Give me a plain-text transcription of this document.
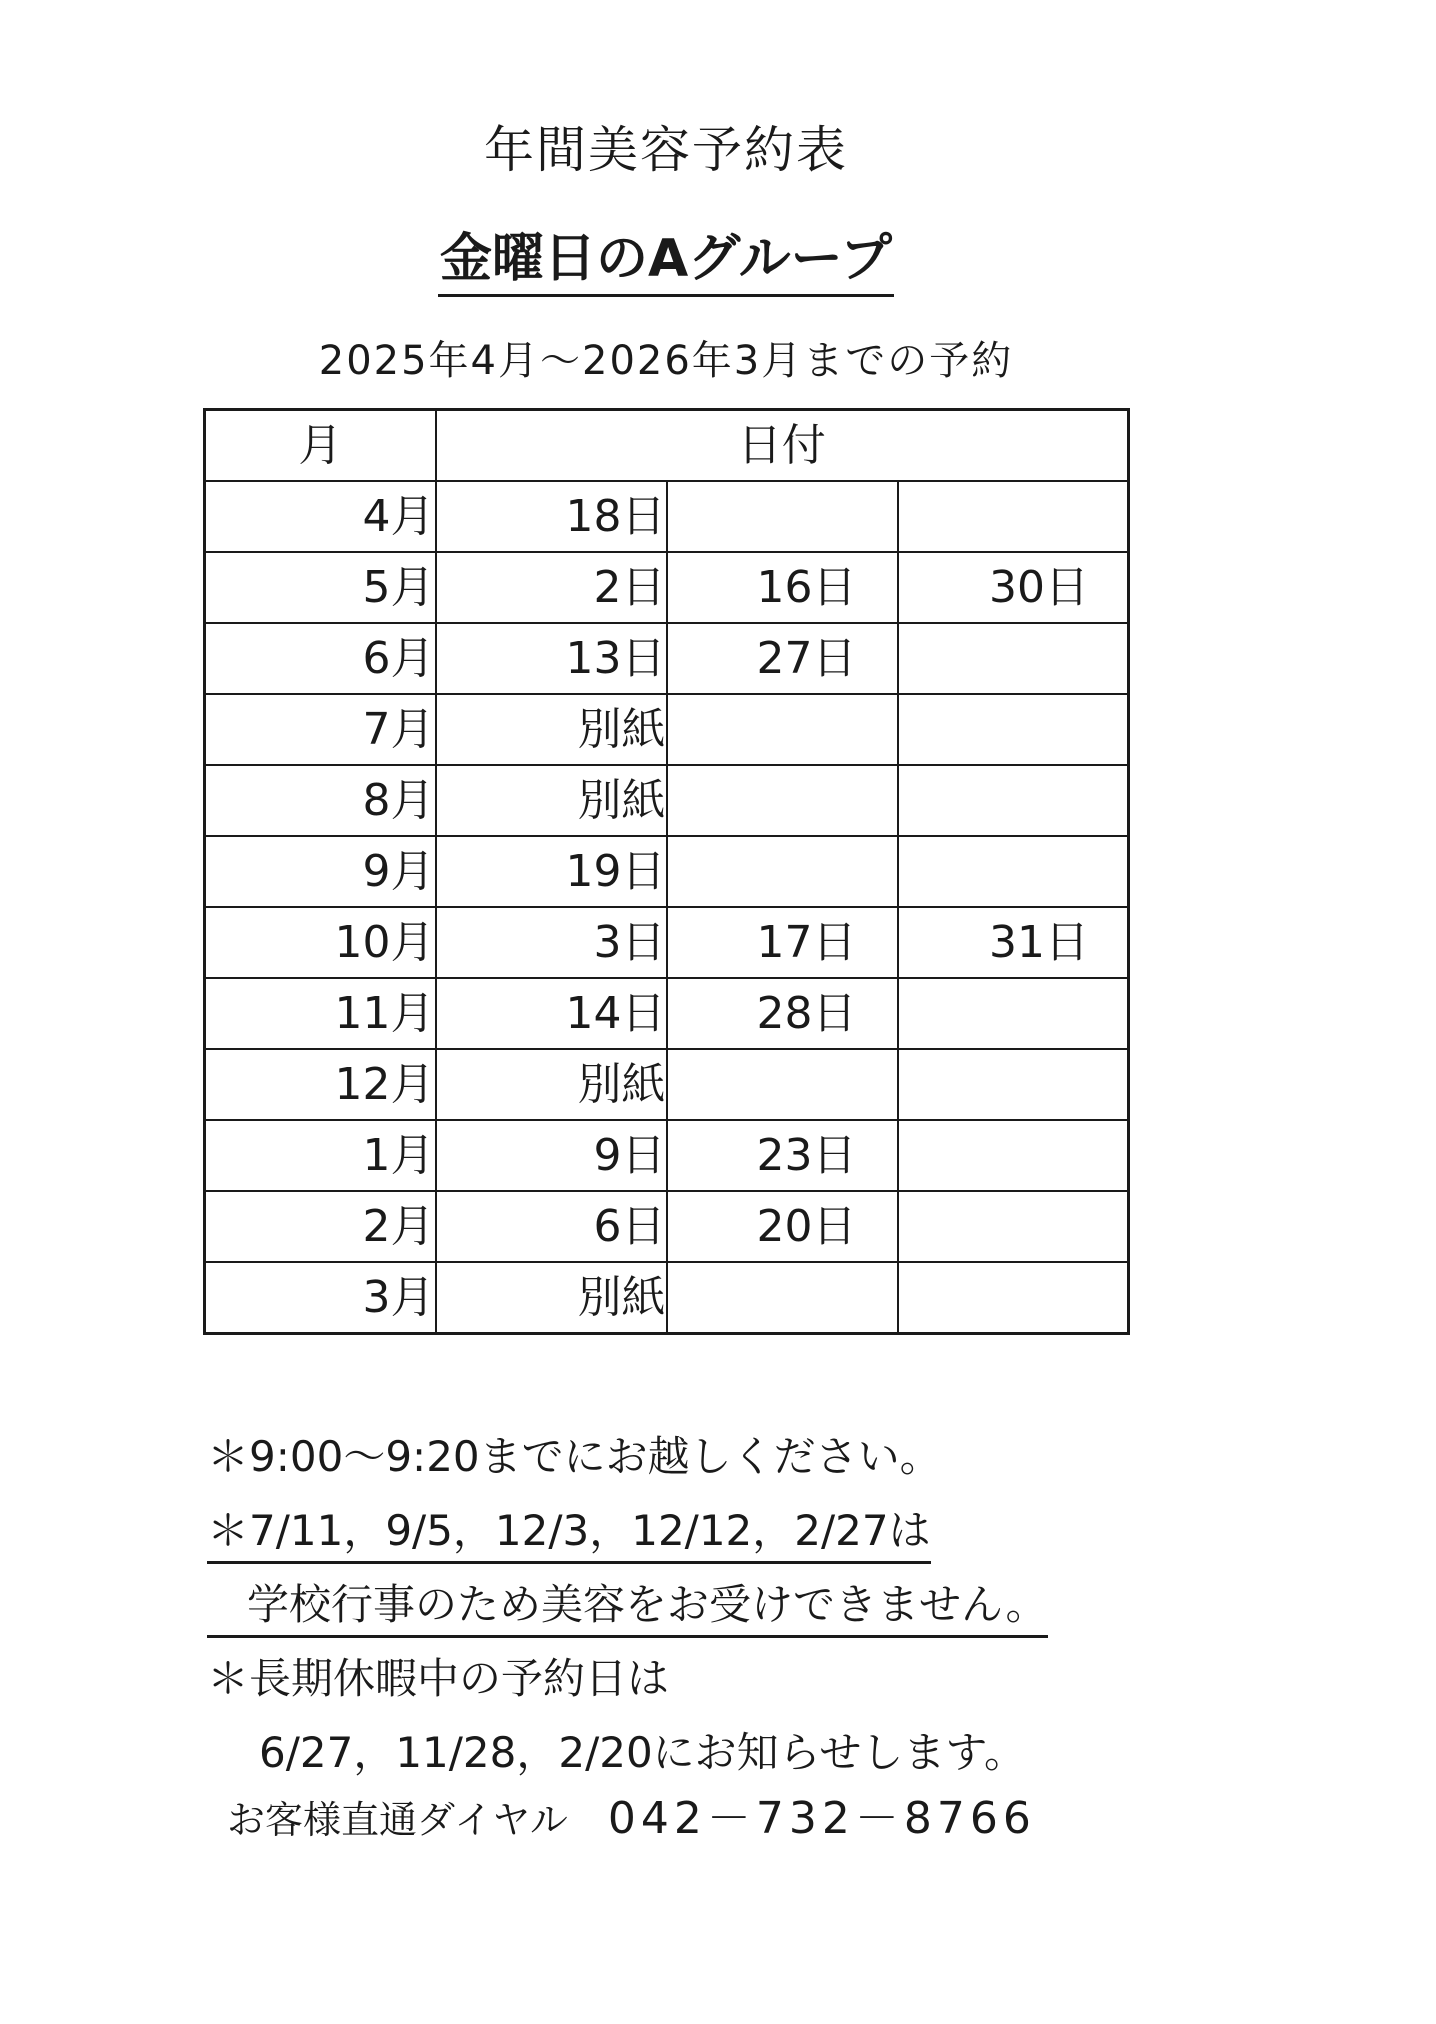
年間美容予約表
金曜日のAグループ
2025年4月～2026年3月までの予約
月	日付		
4月	18日		
5月	2日	16日	30日
6月	13日	27日	
7月	別紙		
8月	別紙		
9月	19日		
10月	3日	17日	31日
11月	14日	28日	
12月	別紙		
1月	9日	23日	
2月	6日	20日	
3月	別紙		
＊9:00～9:20までにお越しください。
＊7/11，9/5，12/3，12/12，2/27は
学校行事のため美容をお受けできません。
＊長期休暇中の予約日は
6/27，11/28，2/20にお知らせします。
お客様直通ダイヤル 042－732－8766
